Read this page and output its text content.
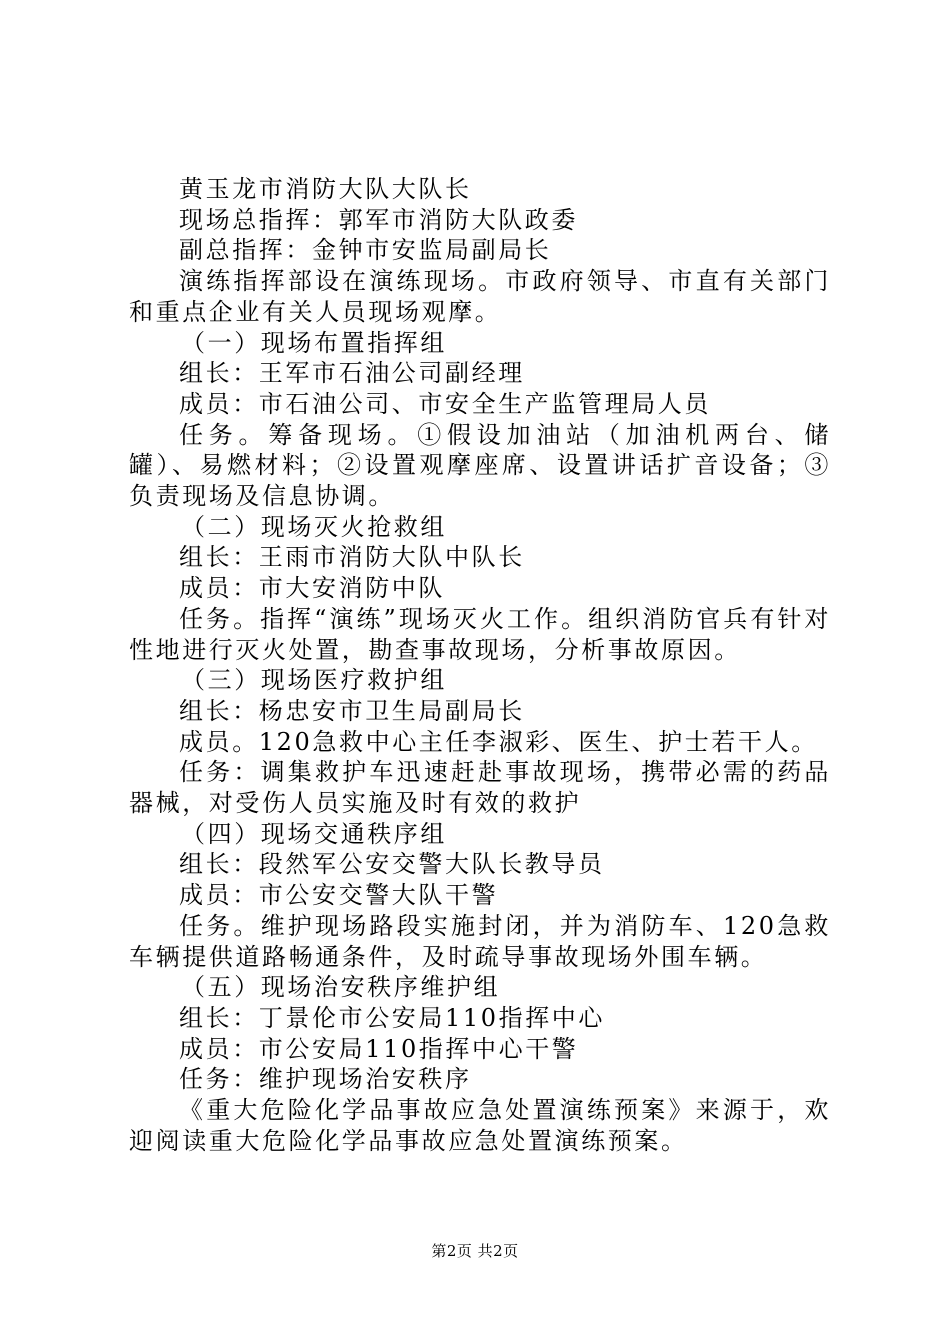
黄玉龙市消防大队大队长

现场总指挥：郭军市消防大队政委

副总指挥：金钟市安监局副局长

演练指挥部设在演练现场。市政府领导、市直有关部门和重点企业有关人员现场观摩。

（一）现场布置指挥组

组长：王军市石油公司副经理

成员：市石油公司、市安全生产监管理局人员

任务。筹备现场。①假设加油站（加油机两台、储罐）、易燃材料；②设置观摩座席、设置讲话扩音设备；③负责现场及信息协调。

（二）现场灭火抢救组

组长：王雨市消防大队中队长

成员：市大安消防中队

任务。指挥“演练”现场灭火工作。组织消防官兵有针对性地进行灭火处置，勘查事故现场，分析事故原因。

（三）现场医疗救护组

组长：杨忠安市卫生局副局长

成员。120急救中心主任李淑彩、医生、护士若干人。

任务：调集救护车迅速赶赴事故现场，携带必需的药品器械，对受伤人员实施及时有效的救护

（四）现场交通秩序组

组长：段然军公安交警大队长教导员

成员：市公安交警大队干警

任务。维护现场路段实施封闭，并为消防车、120急救车辆提供道路畅通条件，及时疏导事故现场外围车辆。

（五）现场治安秩序维护组

组长：丁景伦市公安局110指挥中心

成员：市公安局110指挥中心干警

任务：维护现场治安秩序

《重大危险化学品事故应急处置演练预案》来源于，欢迎阅读重大危险化学品事故应急处置演练预案。

第2页 共2页
